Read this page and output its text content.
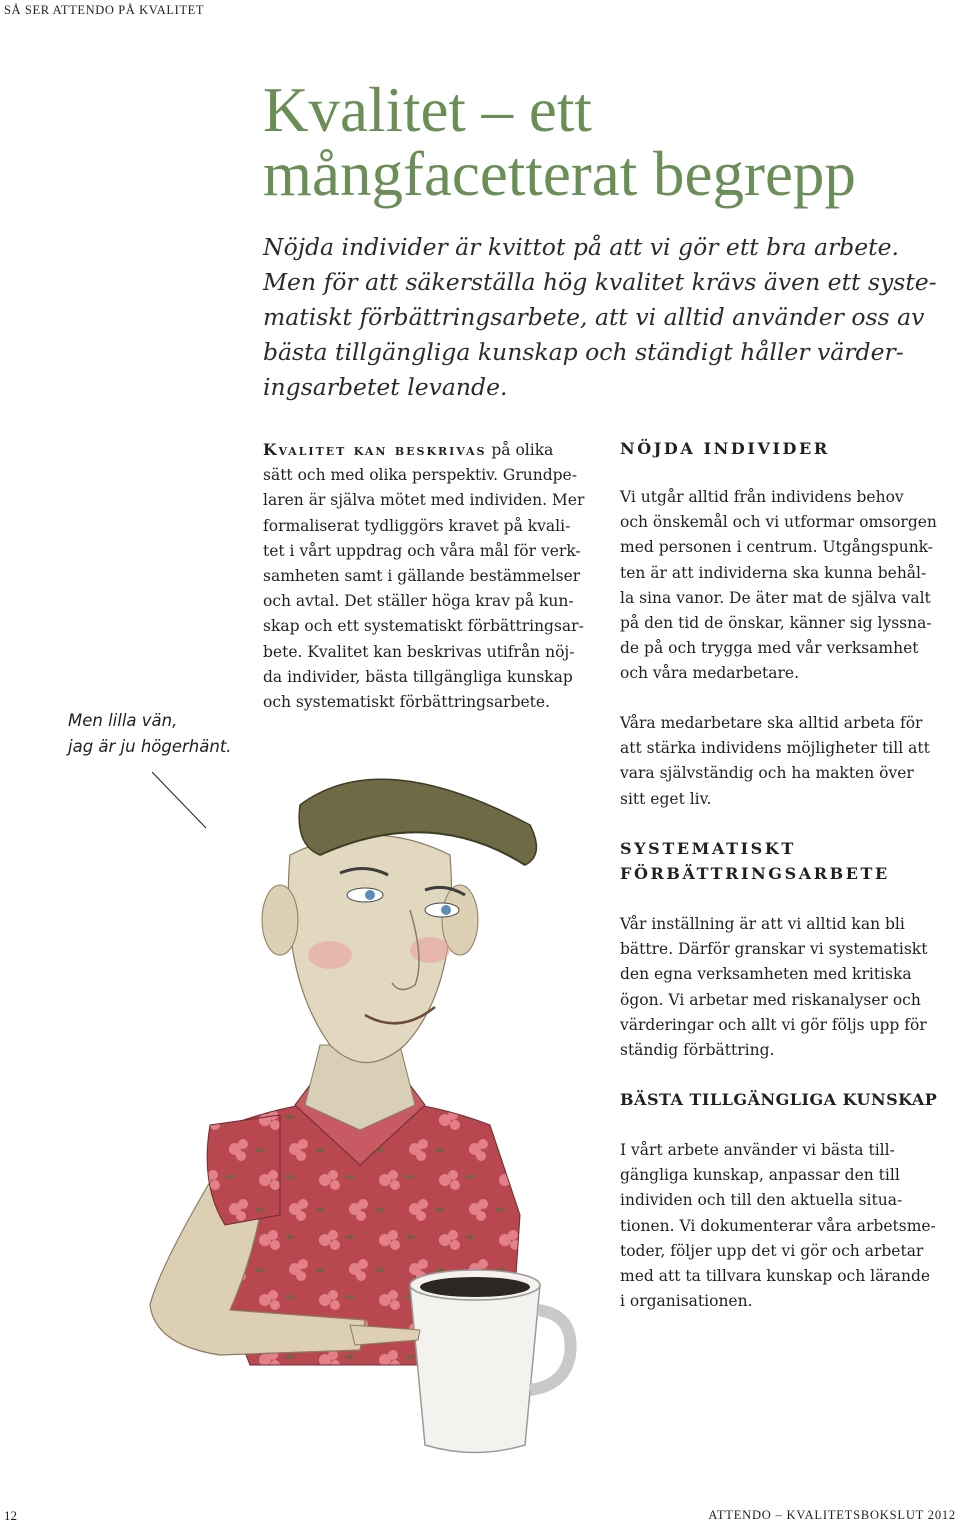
SÅ SER ATTENDO PÅ KVALITET
Kvalitet – ett
mångfacetterat begrepp

Nöjda individer är kvittot på att vi gör ett bra arbete.
Men för att säkerställa hög kvalitet krävs även ett syste-
matiskt förbättringsarbete, att vi alltid använder oss av
bästa tillgängliga kunskap och ständigt håller värder-
ingsarbetet levande.

Kvalitet kan beskrivas på olika
sätt och med olika perspektiv. Grundpe-
laren är själva mötet med individen. Mer
formaliserat tydliggörs kravet på kvali-
tet i vårt uppdrag och våra mål för verk-
samheten samt i gällande bestämmelser
och avtal. Det ställer höga krav på kun-
skap och ett systematiskt förbättringsar-
bete. Kvalitet kan beskrivas utifrån nöj-
da individer, bästa tillgängliga kunskap
och systematiskt förbättringsarbete.

NÖJDA INDIVIDER

Vi utgår alltid från individens behov
och önskemål och vi utformar omsorgen
med personen i centrum. Utgångspunk-
ten är att individerna ska kunna behål-
la sina vanor. De äter mat de själva valt
på den tid de önskar, känner sig lyssna-
de på och trygga med vår verksamhet
och våra medarbetare.

Våra medarbetare ska alltid arbeta för
att stärka individens möjligheter till att
vara självständig och ha makten över
sitt eget liv.

SYSTEMATISKT
FÖRBÄTTRINGSARBETE

Vår inställning är att vi alltid kan bli
bättre. Därför granskar vi systematiskt
den egna verksamheten med kritiska
ögon. Vi arbetar med riskanalyser och
värderingar och allt vi gör följs upp för
ständig förbättring.

BÄSTA TILLGÄNGLIGA KUNSKAP

I vårt arbete använder vi bästa till-
gängliga kunskap, anpassar den till
individen och till den aktuella situa-
tionen. Vi dokumenterar våra arbetsme-
toder, följer upp det vi gör och arbetar
med att ta tillvara kunskap och lärande
i organisationen.

Men lilla vän,
jag är ju högerhänt.

12	ATTENDO – KVALITETSBOKSLUT 2012
